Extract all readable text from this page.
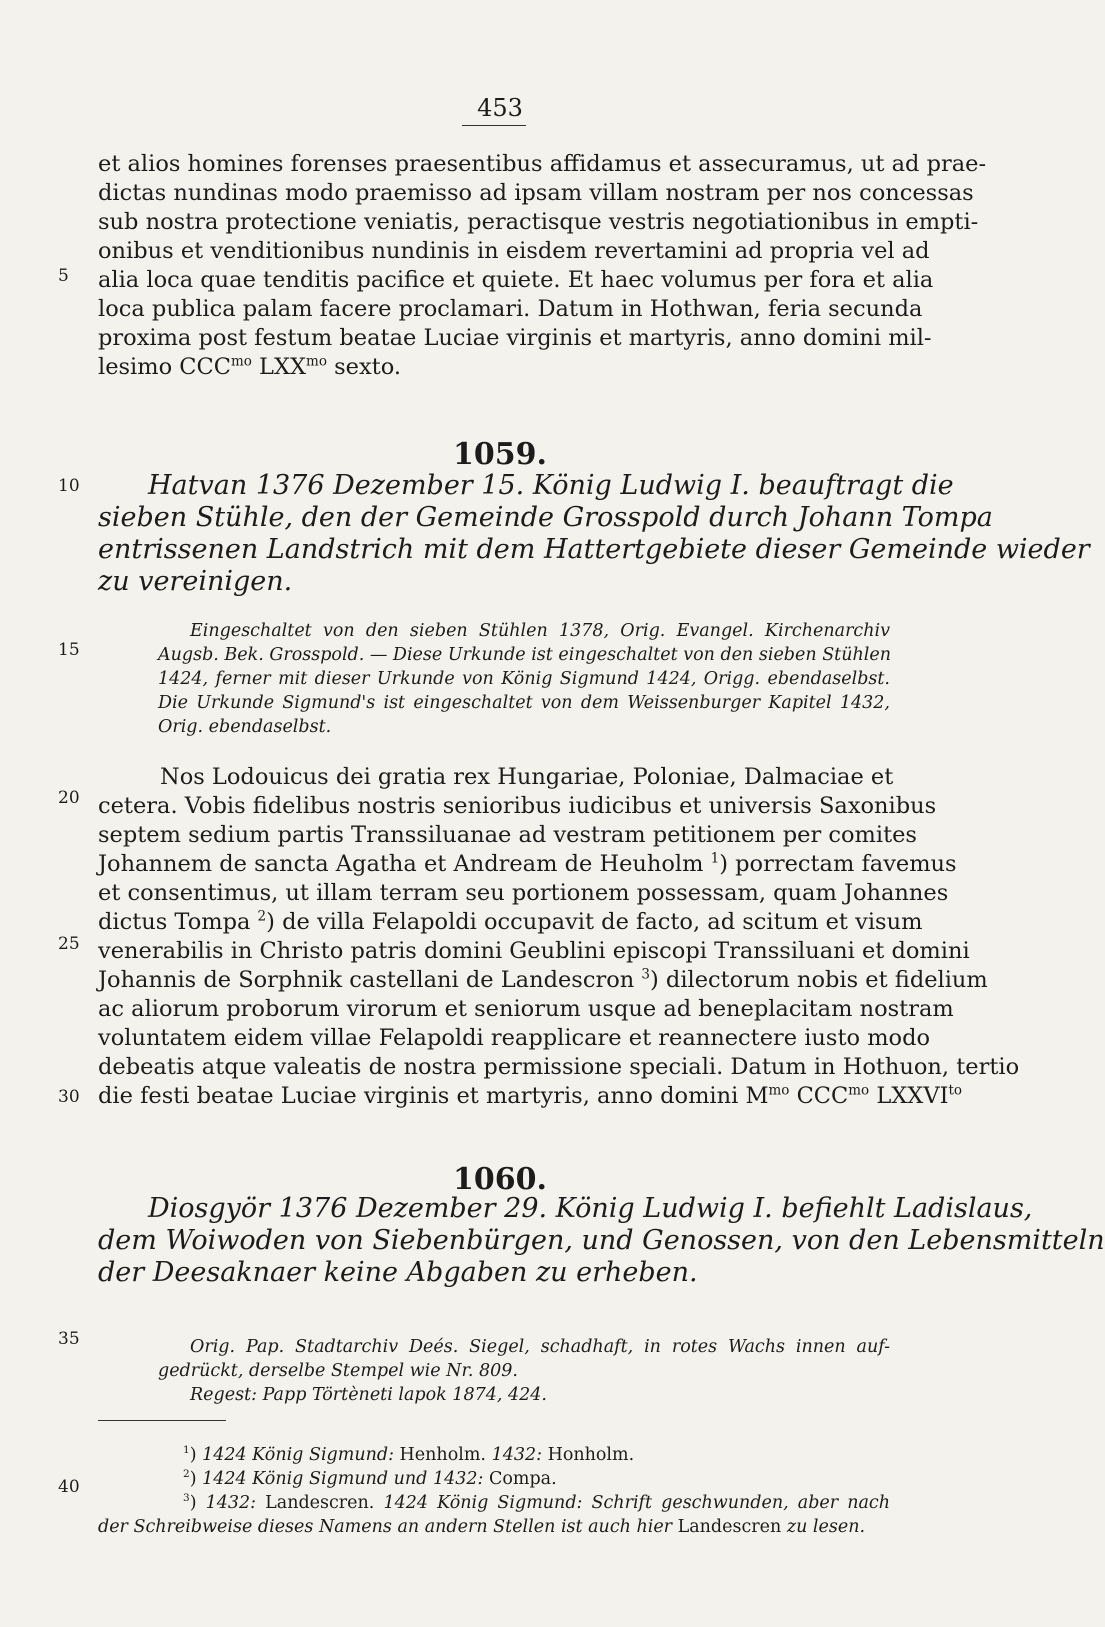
453
5
10
15
20
25
30
35
40
et alios homines forenses praesentibus affidamus et assecuramus, ut ad prae-
dictas nundinas modo praemisso ad ipsam villam nostram per nos concessas
sub nostra protectione veniatis, peractisque vestris negotiationibus in empti-
onibus et venditionibus nundinis in eisdem revertamini ad propria vel ad
alia loca quae tenditis pacifice et quiete. Et haec volumus per fora et alia
loca publica palam facere proclamari. Datum in Hothwan, feria secunda
proxima post festum beatae Luciae virginis et martyris, anno domini mil-
lesimo $CCC^{mo}$ $LXX^{mo}$ sexto.
1059.
Hatvan 1376 Dezember 15. König Ludwig I. beauftragt die
sieben Stühle, den der Gemeinde Grosspold durch Johann Tompa
entrissenen Landstrich mit dem Hattertgebiete dieser Gemeinde wieder
zu vereinigen.
Eingeschaltet von den sieben Stühlen 1378, Orig. Evangel. Kirchenarchiv
Augsb. Bek. Grosspold. — Diese Urkunde ist eingeschaltet von den sieben Stühlen
1424, ferner mit dieser Urkunde von König Sigmund 1424, Origg. ebendaselbst.
Die Urkunde Sigmund's ist eingeschaltet von dem Weissenburger Kapitel 1432,
Orig. ebendaselbst.
Nos Lodouicus dei gratia rex Hungariae, Poloniae, Dalmaciae et
cetera. Vobis fidelibus nostris senioribus iudicibus et universis Saxonibus
septem sedium partis Transsiluanae ad vestram petitionem per comites
Johannem de sancta Agatha et Andream de Heuholm $^1$) porrectam favemus
et consentimus, ut illam terram seu portionem possessam, quam Johannes
dictus Tompa $^2$) de villa Felapoldi occupavit de facto, ad scitum et visum
venerabilis in Christo patris domini Geublini episcopi Transsiluani et domini
Johannis de Sorphnik castellani de Landescron $^3$) dilectorum nobis et fidelium
ac aliorum proborum virorum et seniorum usque ad beneplacitam nostram
voluntatem eidem villae Felapoldi reapplicare et reannectere iusto modo
debeatis atque valeatis de nostra permissione speciali. Datum in Hothuon, tertio
die festi beatae Luciae virginis et martyris, anno domini $M^{mo}$ $CCC^{mo}$ $LXXVI^{to}$
1060.
Diosgyör 1376 Dezember 29. König Ludwig I. befiehlt Ladislaus,
dem Woiwoden von Siebenbürgen, und Genossen, von den Lebensmitteln
der Deesaknaer keine Abgaben zu erheben.
Orig. Pap. Stadtarchiv Deés. Siegel, schadhaft, in rotes Wachs innen auf-
gedrückt, derselbe Stempel wie Nr. 809.
Regest: Papp Törtèneti lapok 1874, 424.
$^1$) 1424 König Sigmund: Henholm. 1432: Honholm.
$^2$) 1424 König Sigmund und 1432: Compa.
$^3$) 1432: Landescren. 1424 König Sigmund: Schrift geschwunden, aber nach
der Schreibweise dieses Namens an andern Stellen ist auch hier Landescren zu lesen.
